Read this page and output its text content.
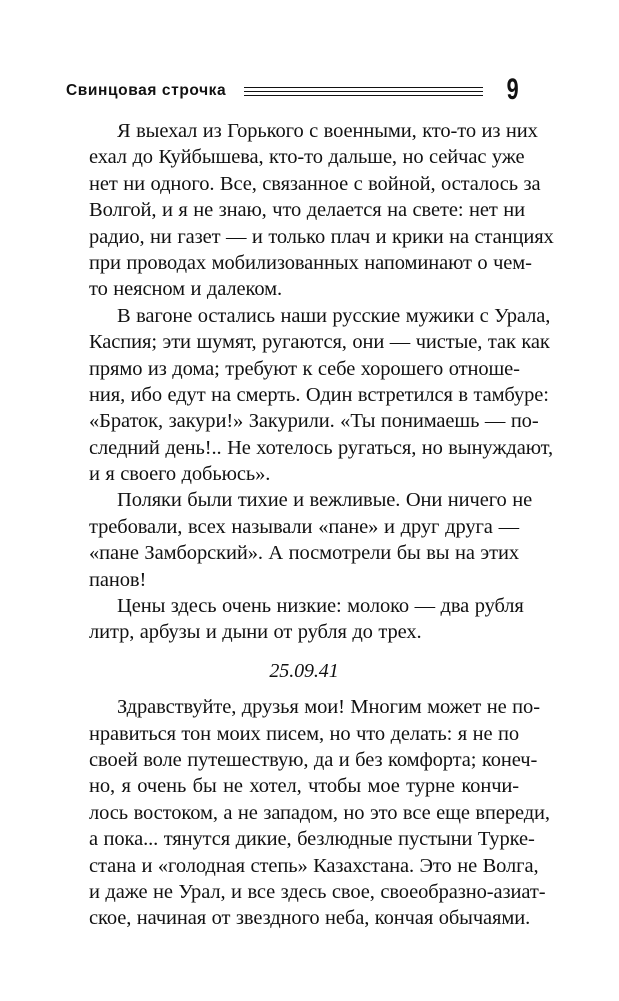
Свинцовая строчка	9
Я выехал из Горького с военными, кто-то из них
ехал до Куйбышева, кто-то дальше, но сейчас уже
нет ни одного. Все, связанное с войной, осталось за
Волгой, и я не знаю, что делается на свете: нет ни
радио, ни газет — и только плач и крики на станциях
при проводах мобилизованных напоминают о чем-
то неясном и далеком.
В вагоне остались наши русские мужики с Урала,
Каспия; эти шумят, ругаются, они — чистые, так как
прямо из дома; требуют к себе хорошего отноше-
ния, ибо едут на смерть. Один встретился в тамбуре:
«Браток, закури!» Закурили. «Ты понимаешь — по-
следний день!.. Не хотелось ругаться, но вынуждают,
и я своего добьюсь».
Поляки были тихие и вежливые. Они ничего не
требовали, всех называли «пане» и друг друга —
«пане Замборский». А посмотрели бы вы на этих
панов!
Цены здесь очень низкие: молоко — два рубля
литр, арбузы и дыни от рубля до трех.
25.09.41
Здравствуйте, друзья мои! Многим может не по-
нравиться тон моих писем, но что делать: я не по
своей воле путешествую, да и без комфорта; конеч-
но, я очень бы не хотел, чтобы мое турне кончи-
лось востоком, а не западом, но это все еще впереди,
а пока... тянутся дикие, безлюдные пустыни Турке-
стана и «голодная степь» Казахстана. Это не Волга,
и даже не Урал, и все здесь свое, своеобразно-азиат-
ское, начиная от звездного неба, кончая обычаями.
